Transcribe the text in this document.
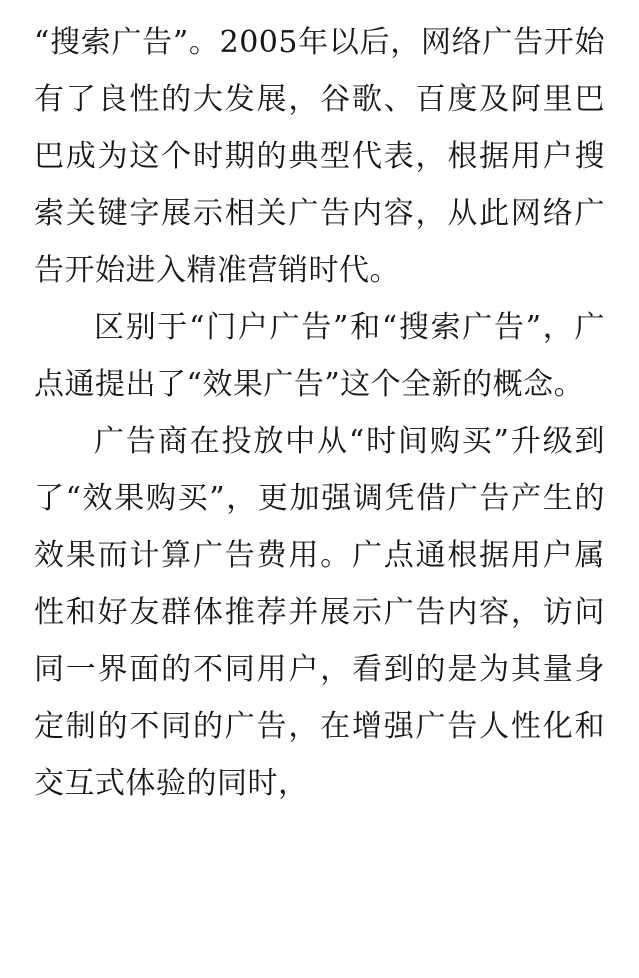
“搜索广告”。2005年以后，网络广告开始有了良性的大发展，谷歌、百度及阿里巴巴成为这个时期的典型代表，根据用户搜索关键字展示相关广告内容，从此网络广告开始进入精准营销时代。

区别于“门户广告”和“搜索广告”，广点通提出了“效果广告”这个全新的概念。

广告商在投放中从“时间购买”升级到了“效果购买”，更加强调凭借广告产生的效果而计算广告费用。广点通根据用户属性和好友群体推荐并展示广告内容，访问同一界面的不同用户，看到的是为其量身定制的不同的广告，在增强广告人性化和交互式体验的同时，
